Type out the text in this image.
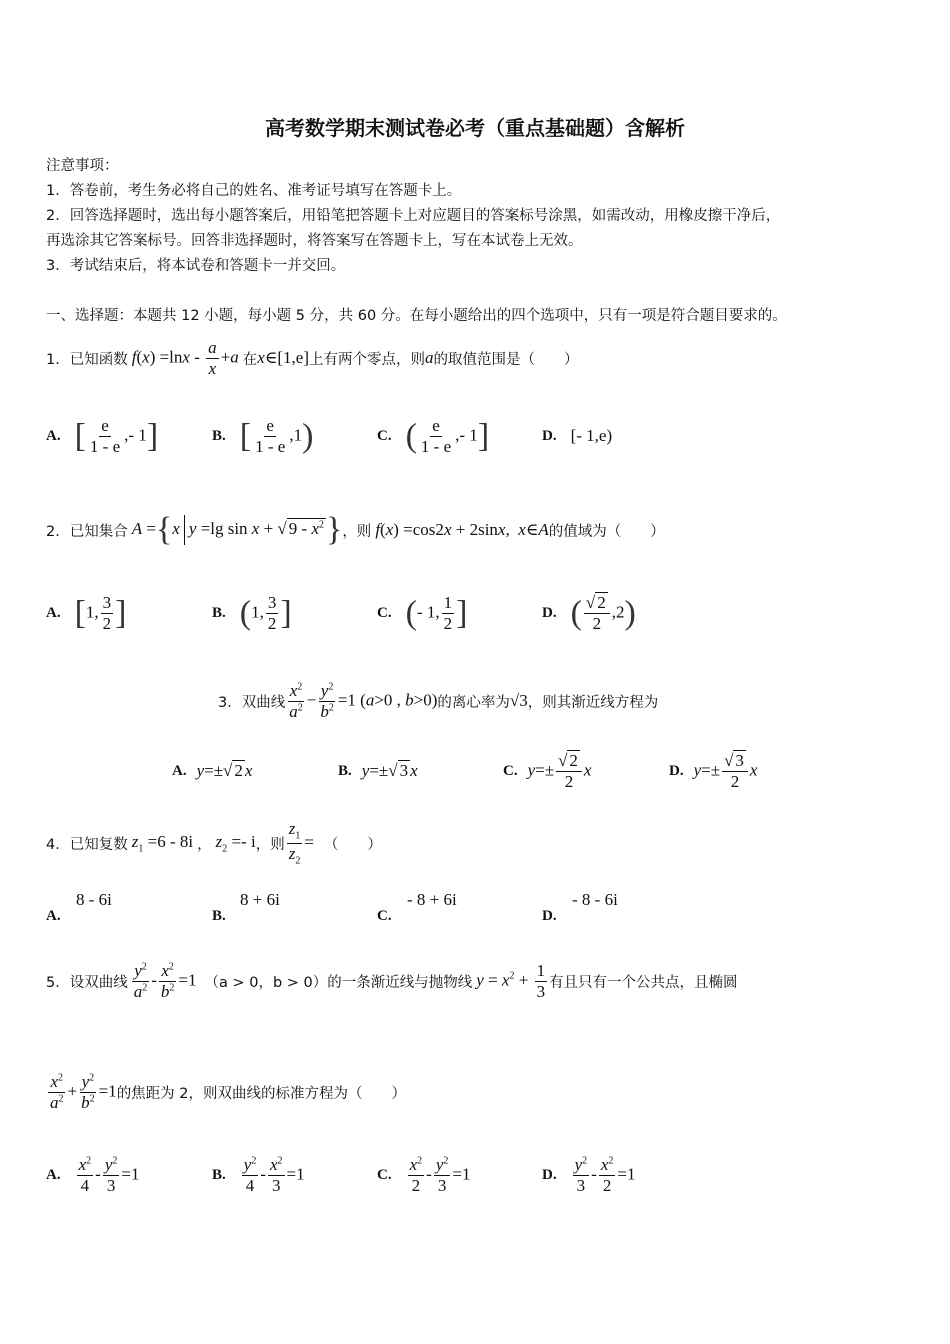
高考数学期末测试卷必考（重点基础题）含解析
注意事项：
1．答卷前，考生务必将自己的姓名、准考证号填写在答题卡上。
2．回答选择题时，选出每小题答案后，用铅笔把答题卡上对应题目的答案标号涂黑，如需改动，用橡皮擦干净后，
再选涂其它答案标号。回答非选择题时，将答案写在答题卡上，写在本试卷上无效。
3．考试结束后，将本试卷和答题卡一并交回。
一、选择题：本题共 12 小题，每小题 5 分，共 60 分。在每小题给出的四个选项中，只有一项是符合题目要求的。
1．已知函数 $f(x) =\ln x - \frac{a}{x} +a$ 在 x∈[1,e] 上有两个零点，则 a 的取值范围是（　　）
A. [ $\frac{e}{1 - e}$ ,- 1]	B. [ $\frac{e}{1 - e} ,1$)	C. ( $\frac{e}{1 - e}$ ,- 1]	D. [- 1,e)
2．已知集合 A ={x y =lg sin x + √ $9 - x^2$} ，则 f(x) =cos2x + 2sinx,  x∈A 的值域为（　　）
A. [1, $\frac{3}{2}$ ]	B. (1, $\frac{3}{2}$ ]	C. (- 1, $\frac{1}{2}$ ]	D. ( $\frac{√ 2}{2} ,2$)
3．双曲线 $\frac{x^2}{a^2} - \frac{y^2}{b^2} =1$ (a>0 , b>0) 的离心率为 √3 ，则其渐近线方程为
A. y=±√ 2 x	B. y=±√ 3 x	C. $y=\pm \frac{√ 2}{2}$ x	D. $y=\pm \frac{√ 3}{2}$ x
4．已知复数 $z_1 =6 - 8i$ ， $z_2 =- i$ ，则 $\frac{z_1}{z_2}$ = （　　）
A.
8 - 6i
B.
8 + 6i
C.
- 8 + 6i
D.
- 8 - 6i
5．设双曲线 $\frac{y^2}{a^2} - \frac{x^2}{b^2} =1$ （a > 0，b > 0）的一条渐近线与抛物线 $y = x^2 + \frac{1}{3}$ 有且只有一个公共点，且椭圆
$\frac{x^2}{a^2} + \frac{y^2}{b^2} =1$ 的焦距为 2，则双曲线的标准方程为（　　）
A. $\frac{x^2}{4} - \frac{y^2}{3} =1$	B. $\frac{y^2}{4} - \frac{x^2}{3} =1$	C. $\frac{x^2}{2} - \frac{y^2}{3} =1$	D. $\frac{y^2}{3} - \frac{x^2}{2} =1$
